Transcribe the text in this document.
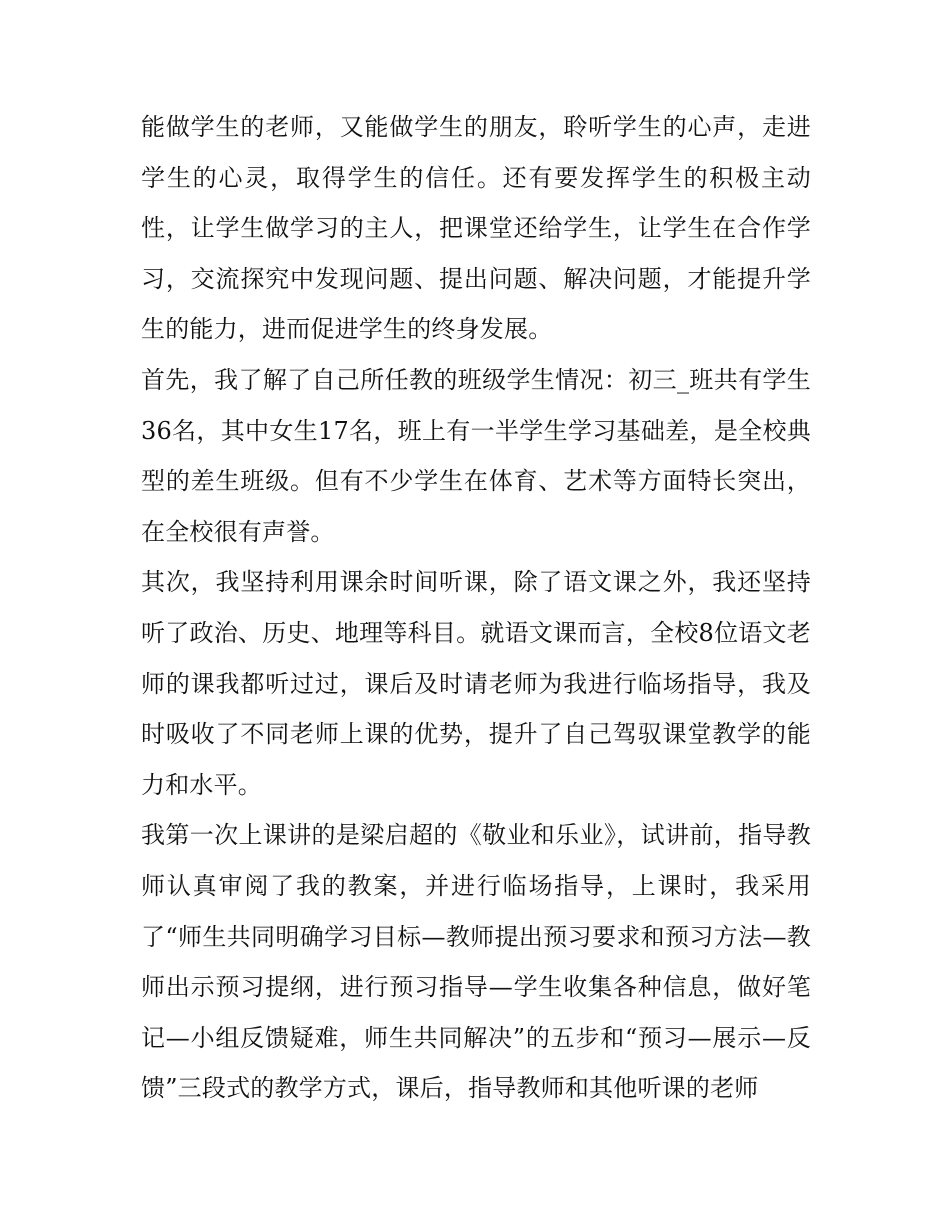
能做学生的老师，又能做学生的朋友，聆听学生的心声，走进学生的心灵，取得学生的信任。还有要发挥学生的积极主动性，让学生做学习的主人，把课堂还给学生，让学生在合作学习，交流探究中发现问题、提出问题、解决问题，才能提升学生的能力，进而促进学生的终身发展。

首先，我了解了自己所任教的班级学生情况：初三_班共有学生36名，其中女生17名，班上有一半学生学习基础差，是全校典型的差生班级。但有不少学生在体育、艺术等方面特长突出，在全校很有声誉。

其次，我坚持利用课余时间听课，除了语文课之外，我还坚持听了政治、历史、地理等科目。就语文课而言，全校8位语文老师的课我都听过过，课后及时请老师为我进行临场指导，我及时吸收了不同老师上课的优势，提升了自己驾驭课堂教学的能力和水平。

我第一次上课讲的是梁启超的《敬业和乐业》，试讲前，指导教师认真审阅了我的教案，并进行临场指导，上课时，我采用了“师生共同明确学习目标—教师提出预习要求和预习方法—教师出示预习提纲，进行预习指导—学生收集各种信息，做好笔记—小组反馈疑难，师生共同解决”的五步和“预习—展示—反馈”三段式的教学方式，课后，指导教师和其他听课的老师
